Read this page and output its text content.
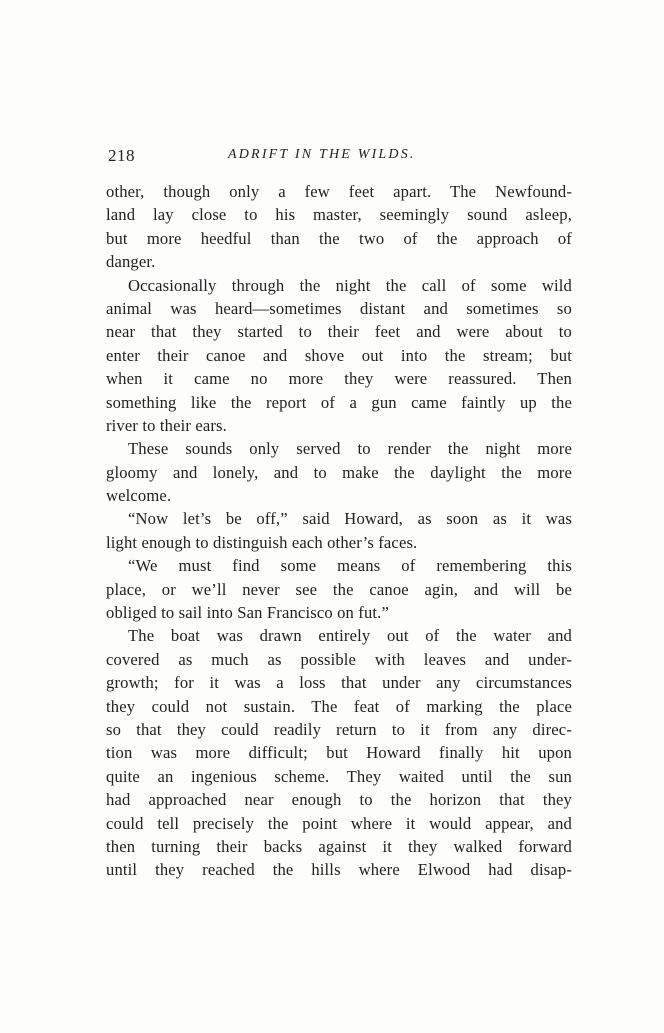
218	ADRIFT IN THE WILDS.
other, though only a few feet apart. The Newfound-
land lay close to his master, seemingly sound asleep,
but more heedful than the two of the approach of
danger.
Occasionally through the night the call of some wild
animal was heard—sometimes distant and sometimes so
near that they started to their feet and were about to
enter their canoe and shove out into the stream; but
when it came no more they were reassured. Then
something like the report of a gun came faintly up the
river to their ears.
These sounds only served to render the night more
gloomy and lonely, and to make the daylight the more
welcome.
“Now let’s be off,” said Howard, as soon as it was
light enough to distinguish each other’s faces.
“We must find some means of remembering this
place, or we’ll never see the canoe agin, and will be
obliged to sail into San Francisco on fut.”
The boat was drawn entirely out of the water and
covered as much as possible with leaves and under-
growth; for it was a loss that under any circumstances
they could not sustain. The feat of marking the place
so that they could readily return to it from any direc-
tion was more difficult; but Howard finally hit upon
quite an ingenious scheme. They waited until the sun
had approached near enough to the horizon that they
could tell precisely the point where it would appear, and
then turning their backs against it they walked forward
until they reached the hills where Elwood had disap-
